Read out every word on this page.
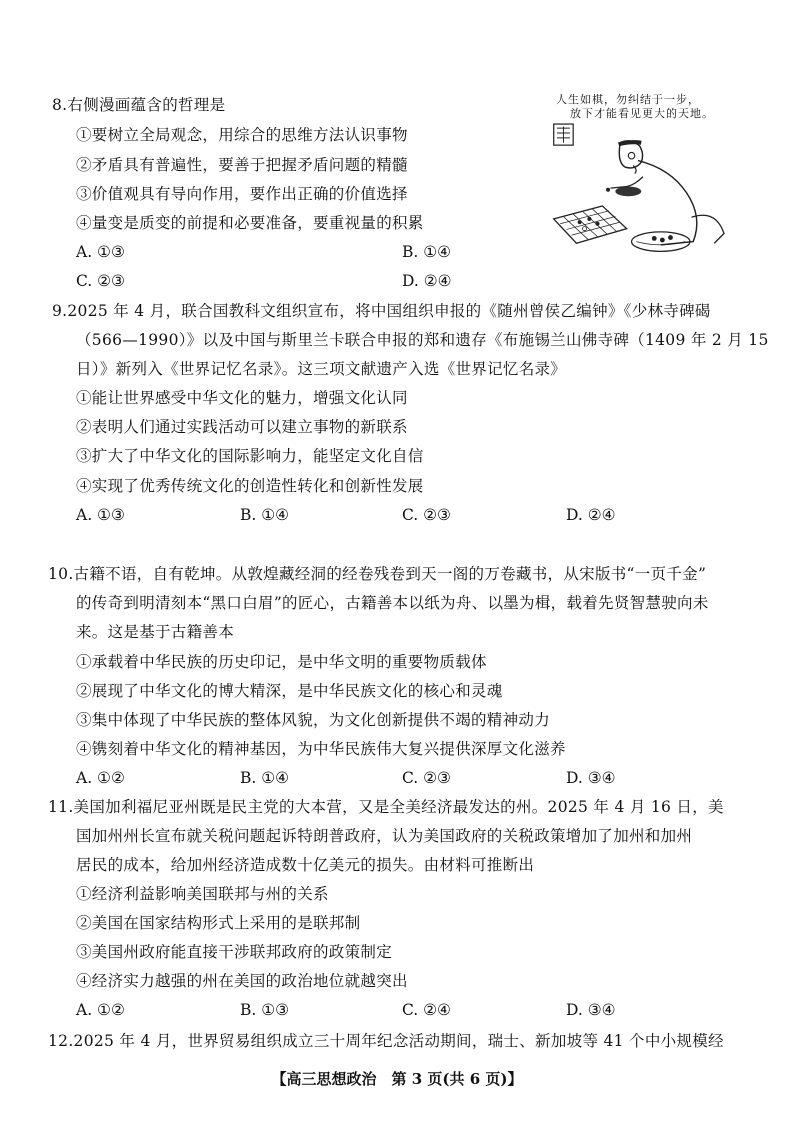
8.右侧漫画蕴含的哲理是
①要树立全局观念，用综合的思维方法认识事物
②矛盾具有普遍性，要善于把握矛盾问题的精髓
③价值观具有导向作用，要作出正确的价值选择
④量变是质变的前提和必要准备，要重视量的积累
A. ①③	B. ①④
C. ②③	D. ②④
人生如棋，勿纠结于一步，
放下才能看见更大的天地。
9.2025 年 4 月，联合国教科文组织宣布，将中国组织申报的《随州曾侯乙编钟》《少林寺碑碣
（566—1990）》以及中国与斯里兰卡联合申报的郑和遗存《布施锡兰山佛寺碑（1409 年 2 月 15
日）》新列入《世界记忆名录》。这三项文献遗产入选《世界记忆名录》
①能让世界感受中华文化的魅力，增强文化认同
②表明人们通过实践活动可以建立事物的新联系
③扩大了中华文化的国际影响力，能坚定文化自信
④实现了优秀传统文化的创造性转化和创新性发展
A. ①③	B. ①④	C. ②③	D. ②④
10.古籍不语，自有乾坤。从敦煌藏经洞的经卷残卷到天一阁的万卷藏书，从宋版书“一页千金”
的传奇到明清刻本“黑口白眉”的匠心，古籍善本以纸为舟、以墨为楫，载着先贤智慧驶向未
来。这是基于古籍善本
①承载着中华民族的历史印记，是中华文明的重要物质载体
②展现了中华文化的博大精深，是中华民族文化的核心和灵魂
③集中体现了中华民族的整体风貌，为文化创新提供不竭的精神动力
④镌刻着中华文化的精神基因，为中华民族伟大复兴提供深厚文化滋养
A. ①②	B. ①④	C. ②③	D. ③④
11.美国加利福尼亚州既是民主党的大本营，又是全美经济最发达的州。2025 年 4 月 16 日，美
国加州州长宣布就关税问题起诉特朗普政府，认为美国政府的关税政策增加了加州和加州
居民的成本，给加州经济造成数十亿美元的损失。由材料可推断出
①经济利益影响美国联邦与州的关系
②美国在国家结构形式上采用的是联邦制
③美国州政府能直接干涉联邦政府的政策制定
④经济实力越强的州在美国的政治地位就越突出
A. ①②	B. ①③	C. ②④	D. ③④
12.2025 年 4 月，世界贸易组织成立三十周年纪念活动期间，瑞士、新加坡等 41 个中小规模经
【高三思想政治　第 3 页(共 6 页)】
